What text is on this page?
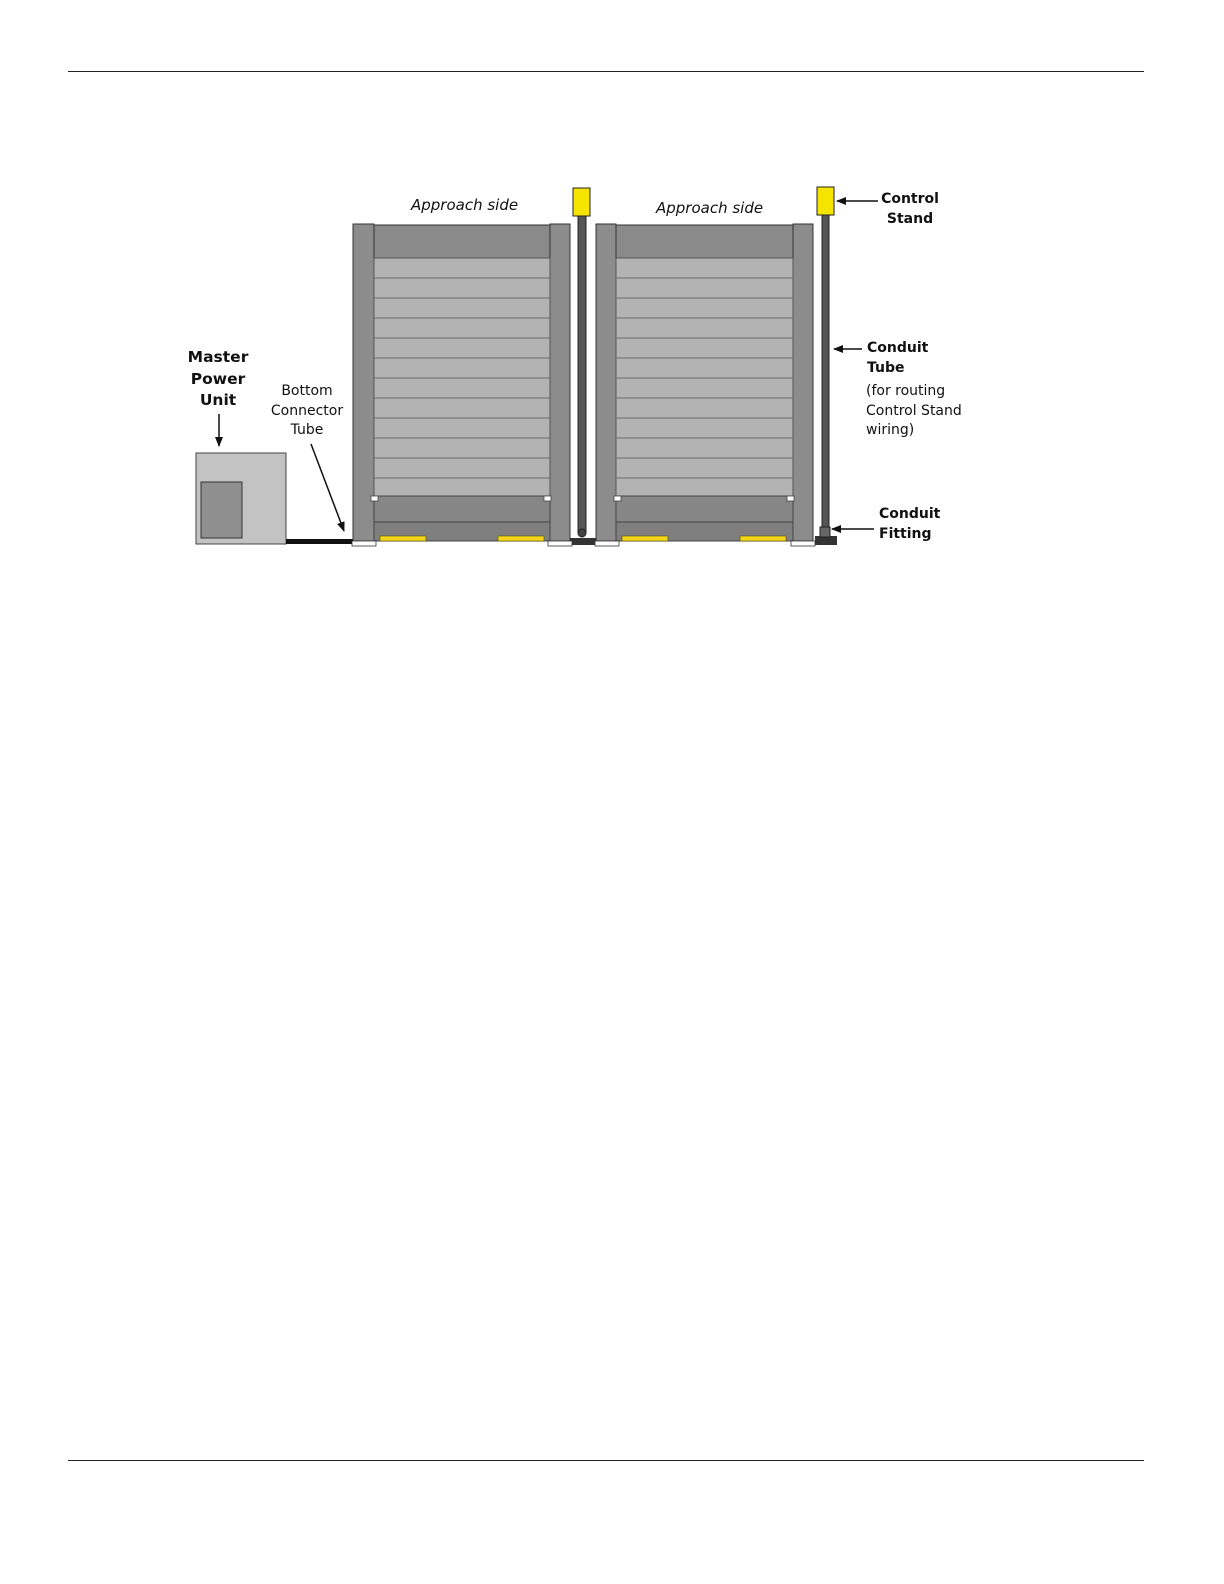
Approach side	Approach side
Master
Power
Unit	Bottom
Connector
Tube
Control
Stand
Conduit
Tube
(for routing
Control Stand
wiring)
Conduit
Fitting
